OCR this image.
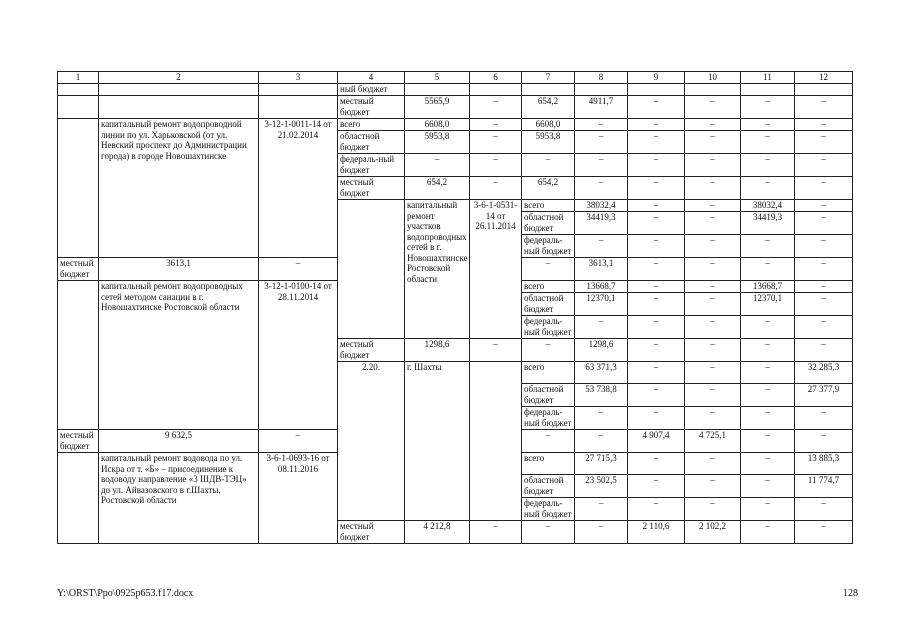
1	2	3	4	5	6	7	8	9	10	11	12	
			ный бюджет									
			местный бюджет	5565,9	–	654,2	4911,7	–	–	–	–	
	капитальный ремонт водопроводной линии по ул. Харьковской (от ул. Невский проспект до Администрации города) в городе Новошахтинске	3-12-1-0011-14 от 21.02.2014	всего	6608,0	–	6608,0	–	–	–	–	–	
			областной бюджет	5953,8	–	5953,8	–	–	–	–	–	
			федераль-ный бюджет	–	–	–	–	–	–	–	–	
			местный бюджет	654,2	–	654,2	–	–	–	–	–	
				капитальный ремонт участков водопроводных сетей в г. Новошахтинске Ростовской области	3-6-1-0531-14 от 26.11.2014	всего	38032,4	–	–	38032,4	–			
						областной бюджет	34419,3	–	–	34419,3	–			
						федераль-ный бюджет	–	–	–	–	–			
местный бюджет	3613,1	–				–	3613,1	–	–	–	–	
	капитальный ремонт водопроводных сетей методом санации в г. Новошахтинске Ростовской области	3-12-1-0100-14 от 28.11.2014				всего	13668,7	–	–	13668,7	–			
						областной бюджет	12370,1	–	–	12370,1	–			
						федераль-ный бюджет	–	–	–	–	–			
			местный бюджет	1298,6	–	–	1298,6	–	–	–	–	
			2.20.	г. Шахты		всего	63 371,3	–	–	–	32 285,3			
						областной бюджет	53 738,8	–	–	–	27 377,9			
						федераль-ный бюджет	–	–	–	–	–			
местный бюджет	9 632,5	–				–	–	4 907,4	4 725,1	–	–	
	капитальный ремонт водовода по ул. Искра от т. «Б» – присоединение к водоводу направление «3 ШДВ-ТЭЦ» до ул. Айвазовского в г.Шахты, Ростовской области	3-6-1-0693-16 от 08.11.2016				всего	27 715,3	–	–	–	13 885,3			
						областной бюджет	23 502,5	–	–	–	11 774,7			
						федераль-ный бюджет	–	–	–	–	–			
			местный бюджет	4 212,8	–	–	–	2 110,6	2 102,2	–	–	
Y:\ORST\Ppo\0925p653.f17.docx	128
